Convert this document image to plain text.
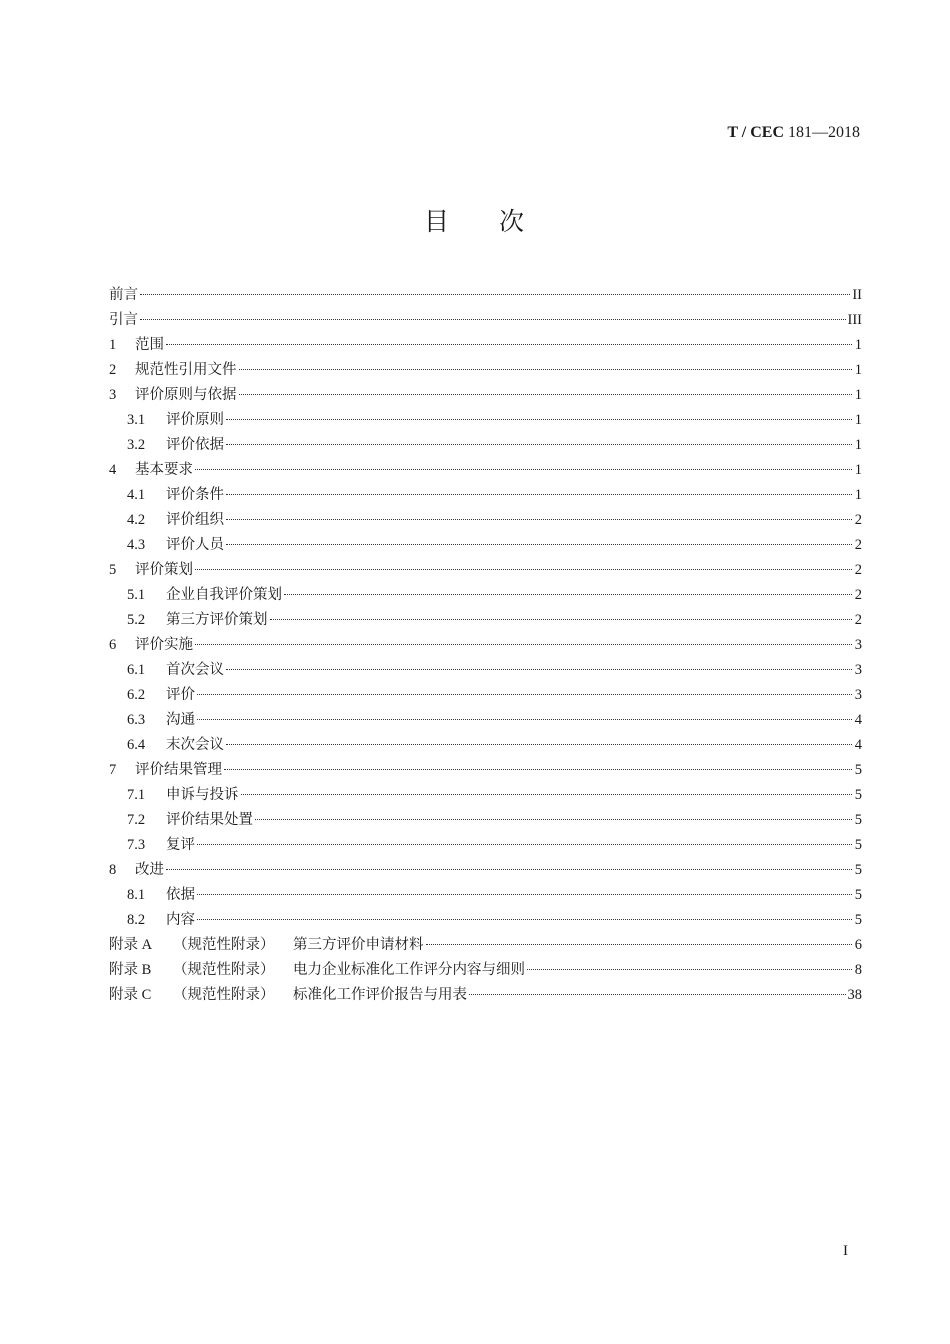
T / CEC 181—2018
目 次
前言	II
引言	III
1	范围	1
2	规范性引用文件	1
3	评价原则与依据	1
3.1	评价原则	1
3.2	评价依据	1
4	基本要求	1
4.1	评价条件	1
4.2	评价组织	2
4.3	评价人员	2
5	评价策划	2
5.1	企业自我评价策划	2
5.2	第三方评价策划	2
6	评价实施	3
6.1	首次会议	3
6.2	评价	3
6.3	沟通	4
6.4	末次会议	4
7	评价结果管理	5
7.1	申诉与投诉	5
7.2	评价结果处置	5
7.3	复评	5
8	改进	5
8.1	依据	5
8.2	内容	5
附录 A	（规范性附录）	第三方评价申请材料	6
附录 B	（规范性附录）	电力企业标准化工作评分内容与细则	8
附录 C	（规范性附录）	标准化工作评价报告与用表	38
I
